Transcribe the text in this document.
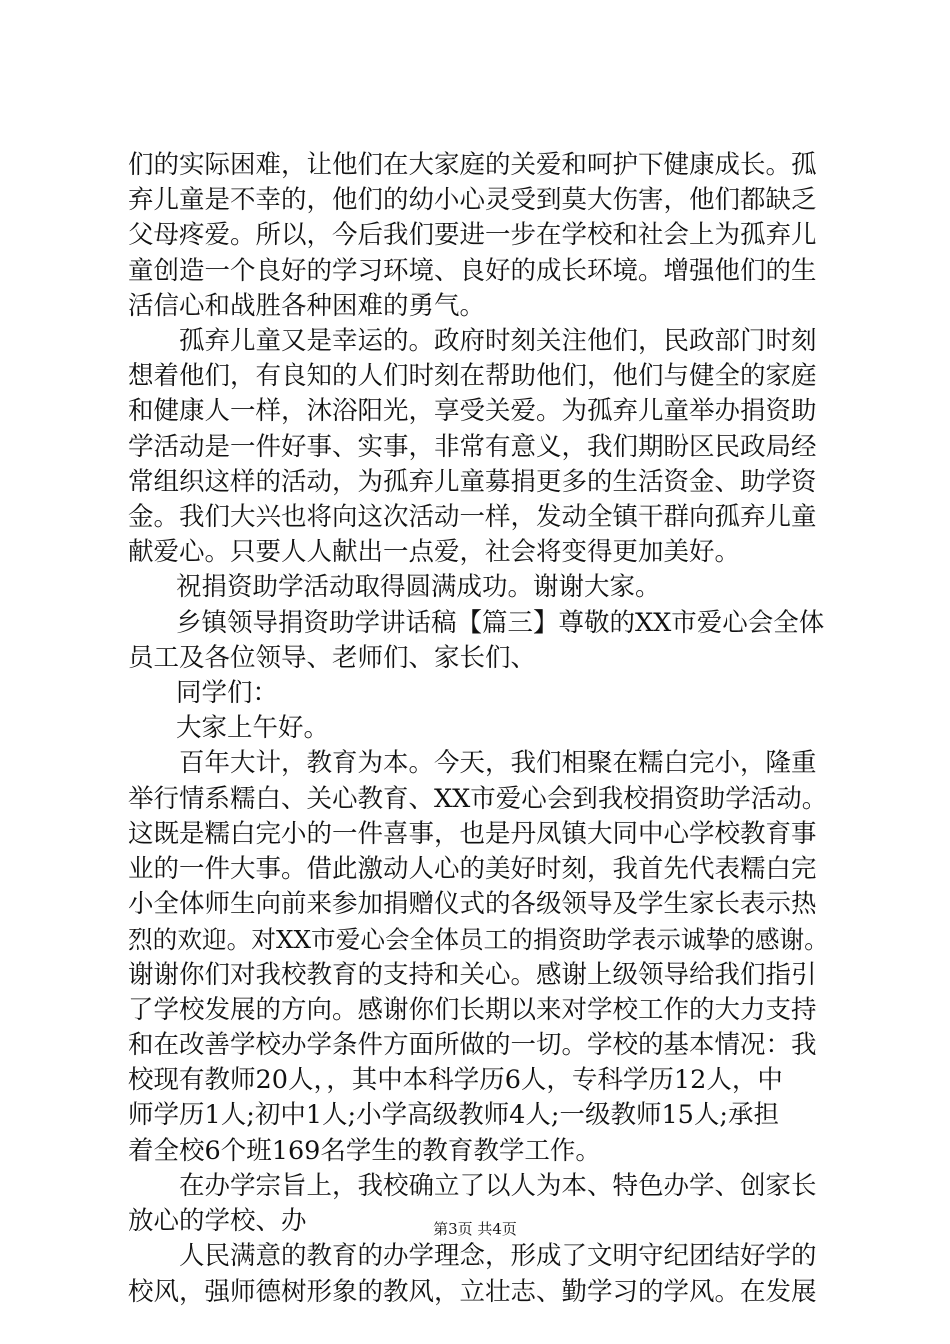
们的实际困难，让他们在大家庭的关爱和呵护下健康成长。孤
弃儿童是不幸的，他们的幼小心灵受到莫大伤害，他们都缺乏
父母疼爱。所以，今后我们要进一步在学校和社会上为孤弃儿
童创造一个良好的学习环境、良好的成长环境。增强他们的生
活信心和战胜各种困难的勇气。
孤弃儿童又是幸运的。政府时刻关注他们，民政部门时刻
想着他们，有良知的人们时刻在帮助他们，他们与健全的家庭
和健康人一样，沐浴阳光，享受关爱。为孤弃儿童举办捐资助
学活动是一件好事、实事，非常有意义，我们期盼区民政局经
常组织这样的活动，为孤弃儿童募捐更多的生活资金、助学资
金。我们大兴也将向这次活动一样，发动全镇干群向孤弃儿童
献爱心。只要人人献出一点爱，社会将变得更加美好。
祝捐资助学活动取得圆满成功。谢谢大家。
乡镇领导捐资助学讲话稿【篇三】尊敬的XX市爱心会全体
员工及各位领导、老师们、家长们、
同学们：
大家上午好。
百年大计，教育为本。今天，我们相聚在糯白完小，隆重
举行情系糯白、关心教育、XX市爱心会到我校捐资助学活动。
这既是糯白完小的一件喜事，也是丹凤镇大同中心学校教育事
业的一件大事。借此激动人心的美好时刻，我首先代表糯白完
小全体师生向前来参加捐赠仪式的各级领导及学生家长表示热
烈的欢迎。对XX市爱心会全体员工的捐资助学表示诚挚的感谢。
谢谢你们对我校教育的支持和关心。感谢上级领导给我们指引
了学校发展的方向。感谢你们长期以来对学校工作的大力支持
和在改善学校办学条件方面所做的一切。学校的基本情况：我
校现有教师20人，，其中本科学历6人，专科学历12人，中
师学历1人;初中1人;小学高级教师4人;一级教师15人;承担
着全校6个班169名学生的教育教学工作。
在办学宗旨上，我校确立了以人为本、特色办学、创家长
放心的学校、办
人民满意的教育的办学理念，形成了文明守纪团结好学的
校风，强师德树形象的教风，立壮志、勤学习的学风。在发展
第3页 共4页
